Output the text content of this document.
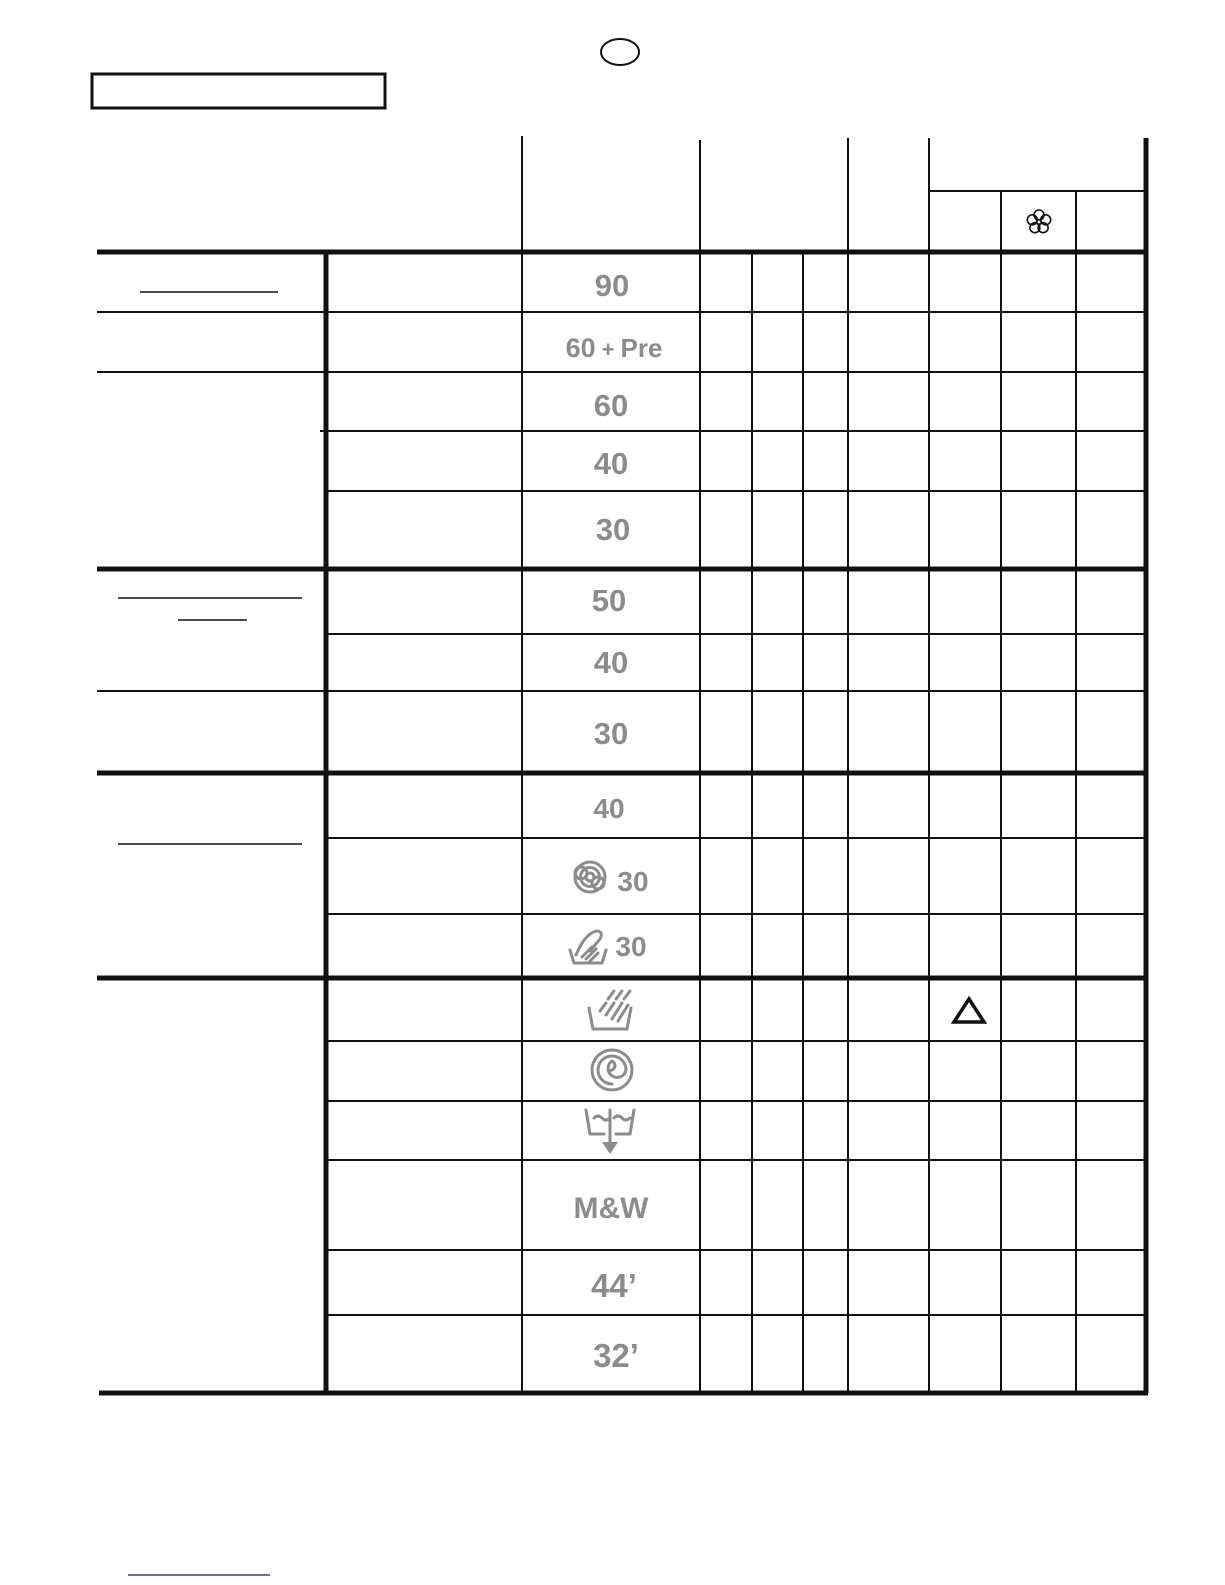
90
60 + Pre
60
40
30
50
40
30
40
30
30
M&W
44’
32’
